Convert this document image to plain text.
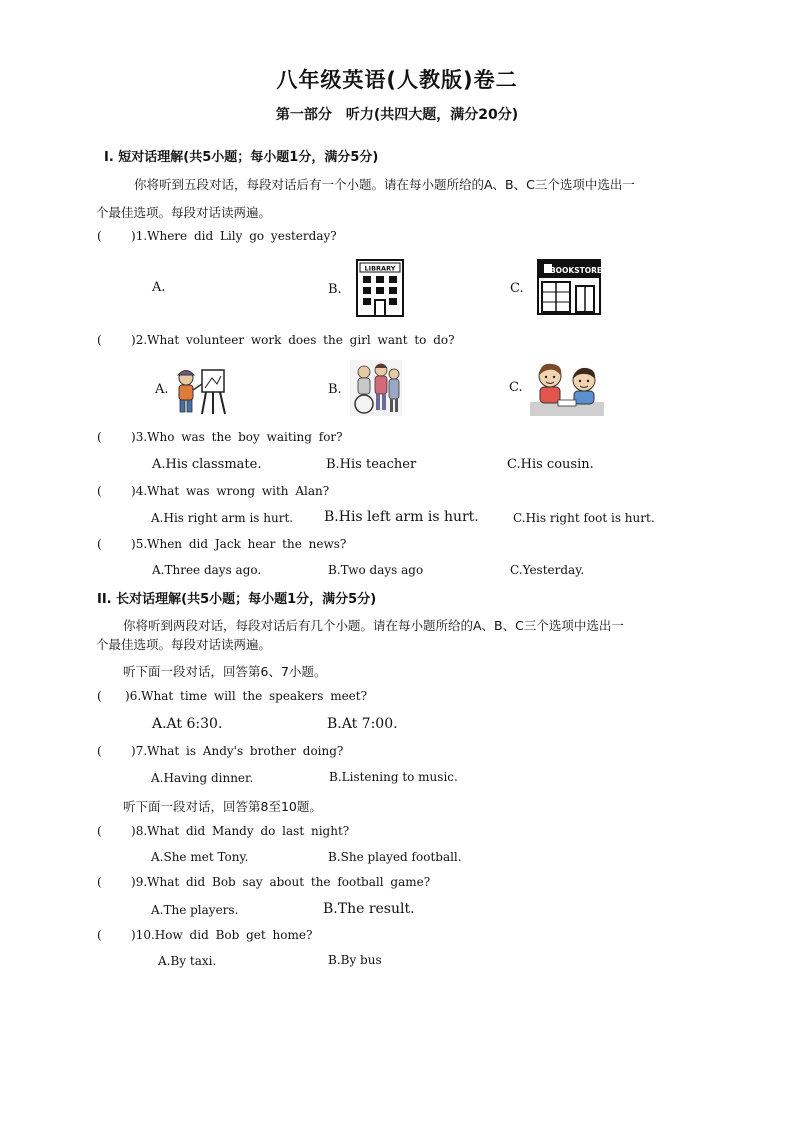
八年级英语(人教版)卷二
第一部分　听力(共四大题，满分20分)
I. 短对话理解(共5小题；每小题1分，满分5分)
你将听到五段对话，每段对话后有一个小题。请在每小题所给的A、B、C三个选项中选出一
个最佳选项。每段对话读两遍。
( )1.Where did Lily go yesterday?
A.	B.	C.
LIBRARY	BOOKSTORE
( )2.What volunteer work does the girl want to do?
A.	B.	C.
( )3.Who was the boy waiting for?
A.His classmate.	B.His teacher	C.His cousin.
( )4.What was wrong with Alan?
A.His right arm is hurt. B.His left arm is hurt.	C.His right foot is hurt.
( )5.When did Jack hear the news?
A.Three days ago.	B.Two days ago	C.Yesterday.
II. 长对话理解(共5小题；每小题1分，满分5分)
你将听到两段对话，每段对话后有几个小题。请在每小题所给的A、B、C三个选项中选出一
个最佳选项。每段对话读两遍。
听下面一段对话，回答第6、7小题。
( )6.What time will the speakers meet?
A.At 6:30.	B.At 7:00.
( )7.What is Andy's brother doing?
A.Having dinner.	B.Listening to music.
听下面一段对话，回答第8至10题。
( )8.What did Mandy do last night?
A.She met Tony.	B.She played football.
( )9.What did Bob say about the football game?
A.The players.	B.The result.
( )10.How did Bob get home?
A.By taxi.	B.By bus
